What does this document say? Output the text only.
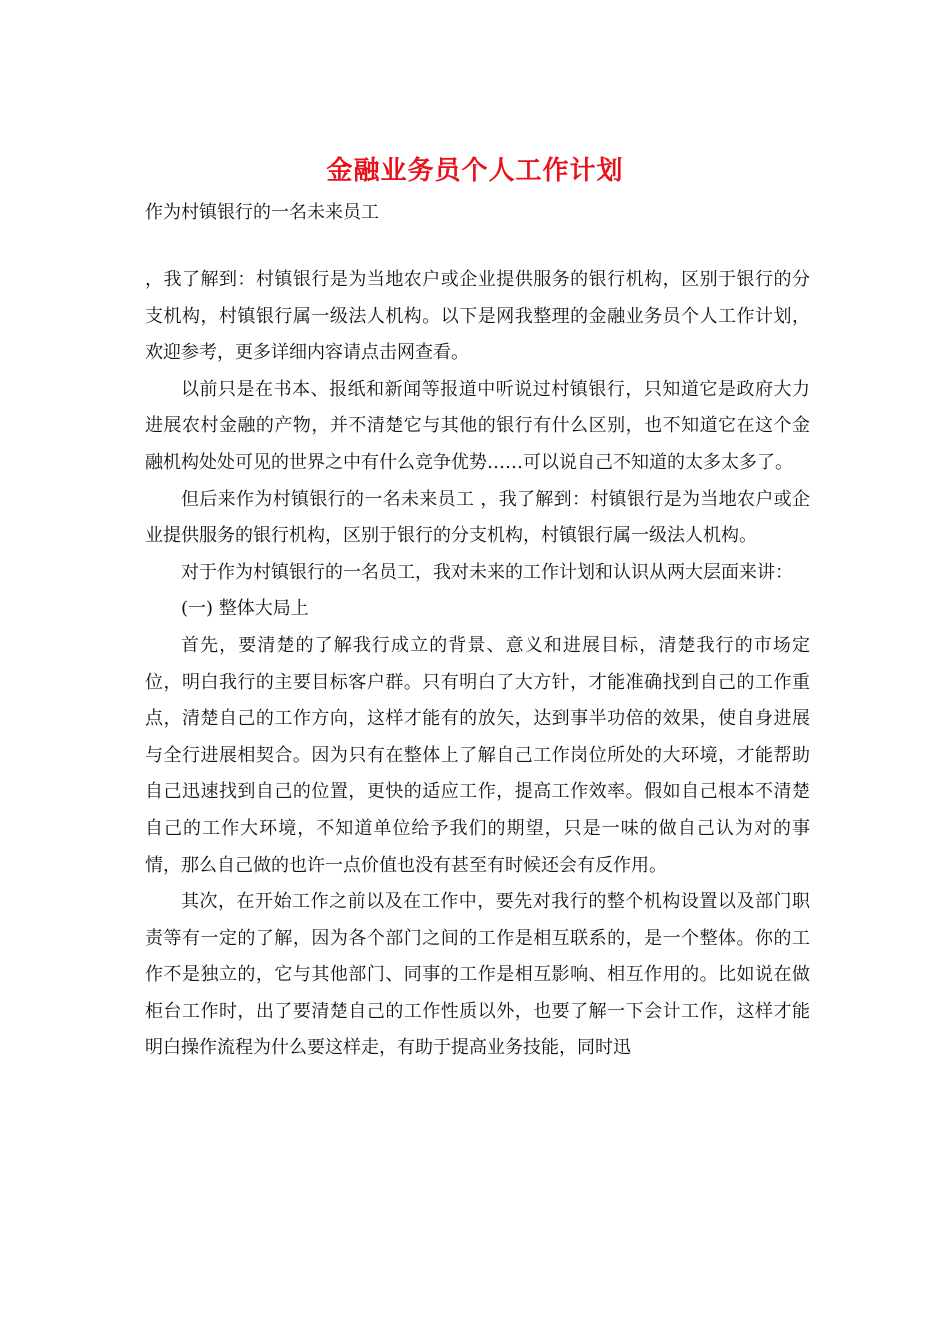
金融业务员个人工作计划
作为村镇银行的一名未来员工

，我了解到：村镇银行是为当地农户或企业提供服务的银行机构，区别于银行的分支机构，村镇银行属一级法人机构。以下是网我整理的金融业务员个人工作计划，欢迎参考，更多详细内容请点击网查看。

以前只是在书本、报纸和新闻等报道中听说过村镇银行，只知道它是政府大力进展农村金融的产物，并不清楚它与其他的银行有什么区别，也不知道它在这个金融机构处处可见的世界之中有什么竞争优势……可以说自己不知道的太多太多了。

但后来作为村镇银行的一名未来员工 ，我了解到：村镇银行是为当地农户或企业提供服务的银行机构，区别于银行的分支机构，村镇银行属一级法人机构。

对于作为村镇银行的一名员工，我对未来的工作计划和认识从两大层面来讲：

(一) 整体大局上

首先，要清楚的了解我行成立的背景、意义和进展目标，清楚我行的市场定位，明白我行的主要目标客户群。只有明白了大方针，才能准确找到自己的工作重点，清楚自己的工作方向，这样才能有的放矢，达到事半功倍的效果，使自身进展与全行进展相契合。因为只有在整体上了解自己工作岗位所处的大环境，才能帮助自己迅速找到自己的位置，更快的适应工作，提高工作效率。假如自己根本不清楚自己的工作大环境，不知道单位给予我们的期望，只是一味的做自己认为对的事情，那么自己做的也许一点价值也没有甚至有时候还会有反作用。

其次，在开始工作之前以及在工作中，要先对我行的整个机构设置以及部门职责等有一定的了解，因为各个部门之间的工作是相互联系的，是一个整体。你的工作不是独立的，它与其他部门、同事的工作是相互影响、相互作用的。比如说在做柜台工作时，出了要清楚自己的工作性质以外，也要了解一下会计工作，这样才能明白操作流程为什么要这样走，有助于提高业务技能，同时迅
